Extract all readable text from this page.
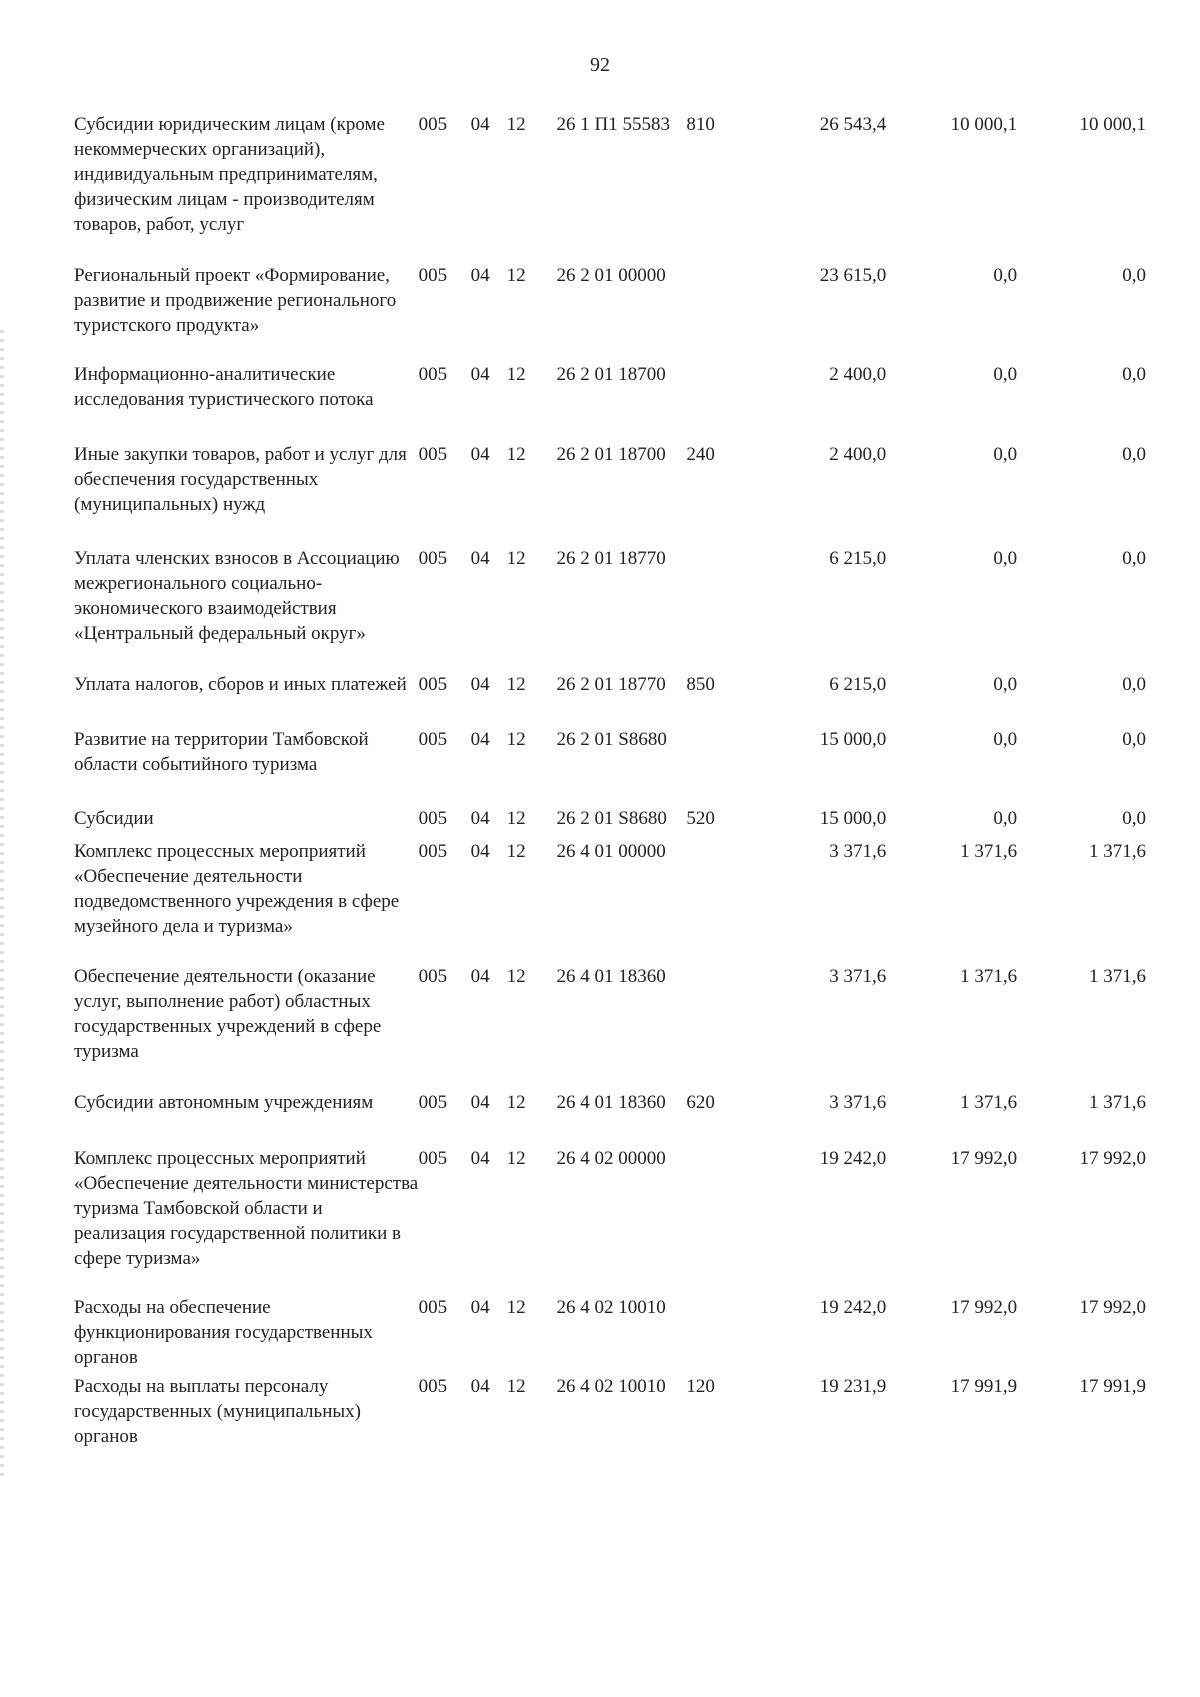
92
Субсидии юридическим лицам (кроме некоммерческих организаций), индивидуальным предпринимателям, физическим лицам - производителям товаров, работ, услуг
005	04 12	26 1 П1 55583 810	26 543,4	10 000,1	10 000,1
Региональный проект «Формирование, развитие и продвижение регионального туристского продукта»
005	04 12	26 2 01 00000	23 615,0	0,0	0,0
Информационно-аналитические исследования туристического потока
005	04 12	26 2 01 18700	2 400,0	0,0	0,0
Иные закупки товаров, работ и услуг для обеспечения государственных (муниципальных) нужд
005	04 12	26 2 01 18700	240	2 400,0	0,0	0,0
Уплата членских взносов в Ассоциацию межрегионального социально-экономического взаимодействия «Центральный федеральный округ»
005	04 12	26 2 01 18770	6 215,0	0,0	0,0
Уплата налогов, сборов и иных платежей 005	04 12	26 2 01 18770	850	6 215,0	0,0	0,0
Развитие на территории Тамбовской области событийного туризма
005	04 12	26 2 01 S8680	15 000,0	0,0	0,0
Субсидии	005	04 12	26 2 01 S8680	520	15 000,0	0,0	0,0
Комплекс процессных мероприятий «Обеспечение деятельности подведомственного учреждения в сфере музейного дела и туризма»
005	04 12	26 4 01 00000	3 371,6	1 371,6	1 371,6
Обеспечение деятельности (оказание услуг, выполнение работ) областных государственных учреждений в сфере туризма
005	04 12	26 4 01 18360	3 371,6	1 371,6	1 371,6
Субсидии автономным учреждениям	005	04 12	26 4 01 18360	620	3 371,6	1 371,6	1 371,6
Комплекс процессных мероприятий «Обеспечение деятельности министерства туризма Тамбовской области и реализация государственной политики в сфере туризма»
005	04 12	26 4 02 00000	19 242,0	17 992,0	17 992,0
Расходы на обеспечение функционирования государственных органов
005	04 12	26 4 02 10010	19 242,0	17 992,0	17 992,0
Расходы на выплаты персоналу государственных (муниципальных) органов
005	04 12	26 4 02 10010	120	19 231,9	17 991,9	17 991,9
